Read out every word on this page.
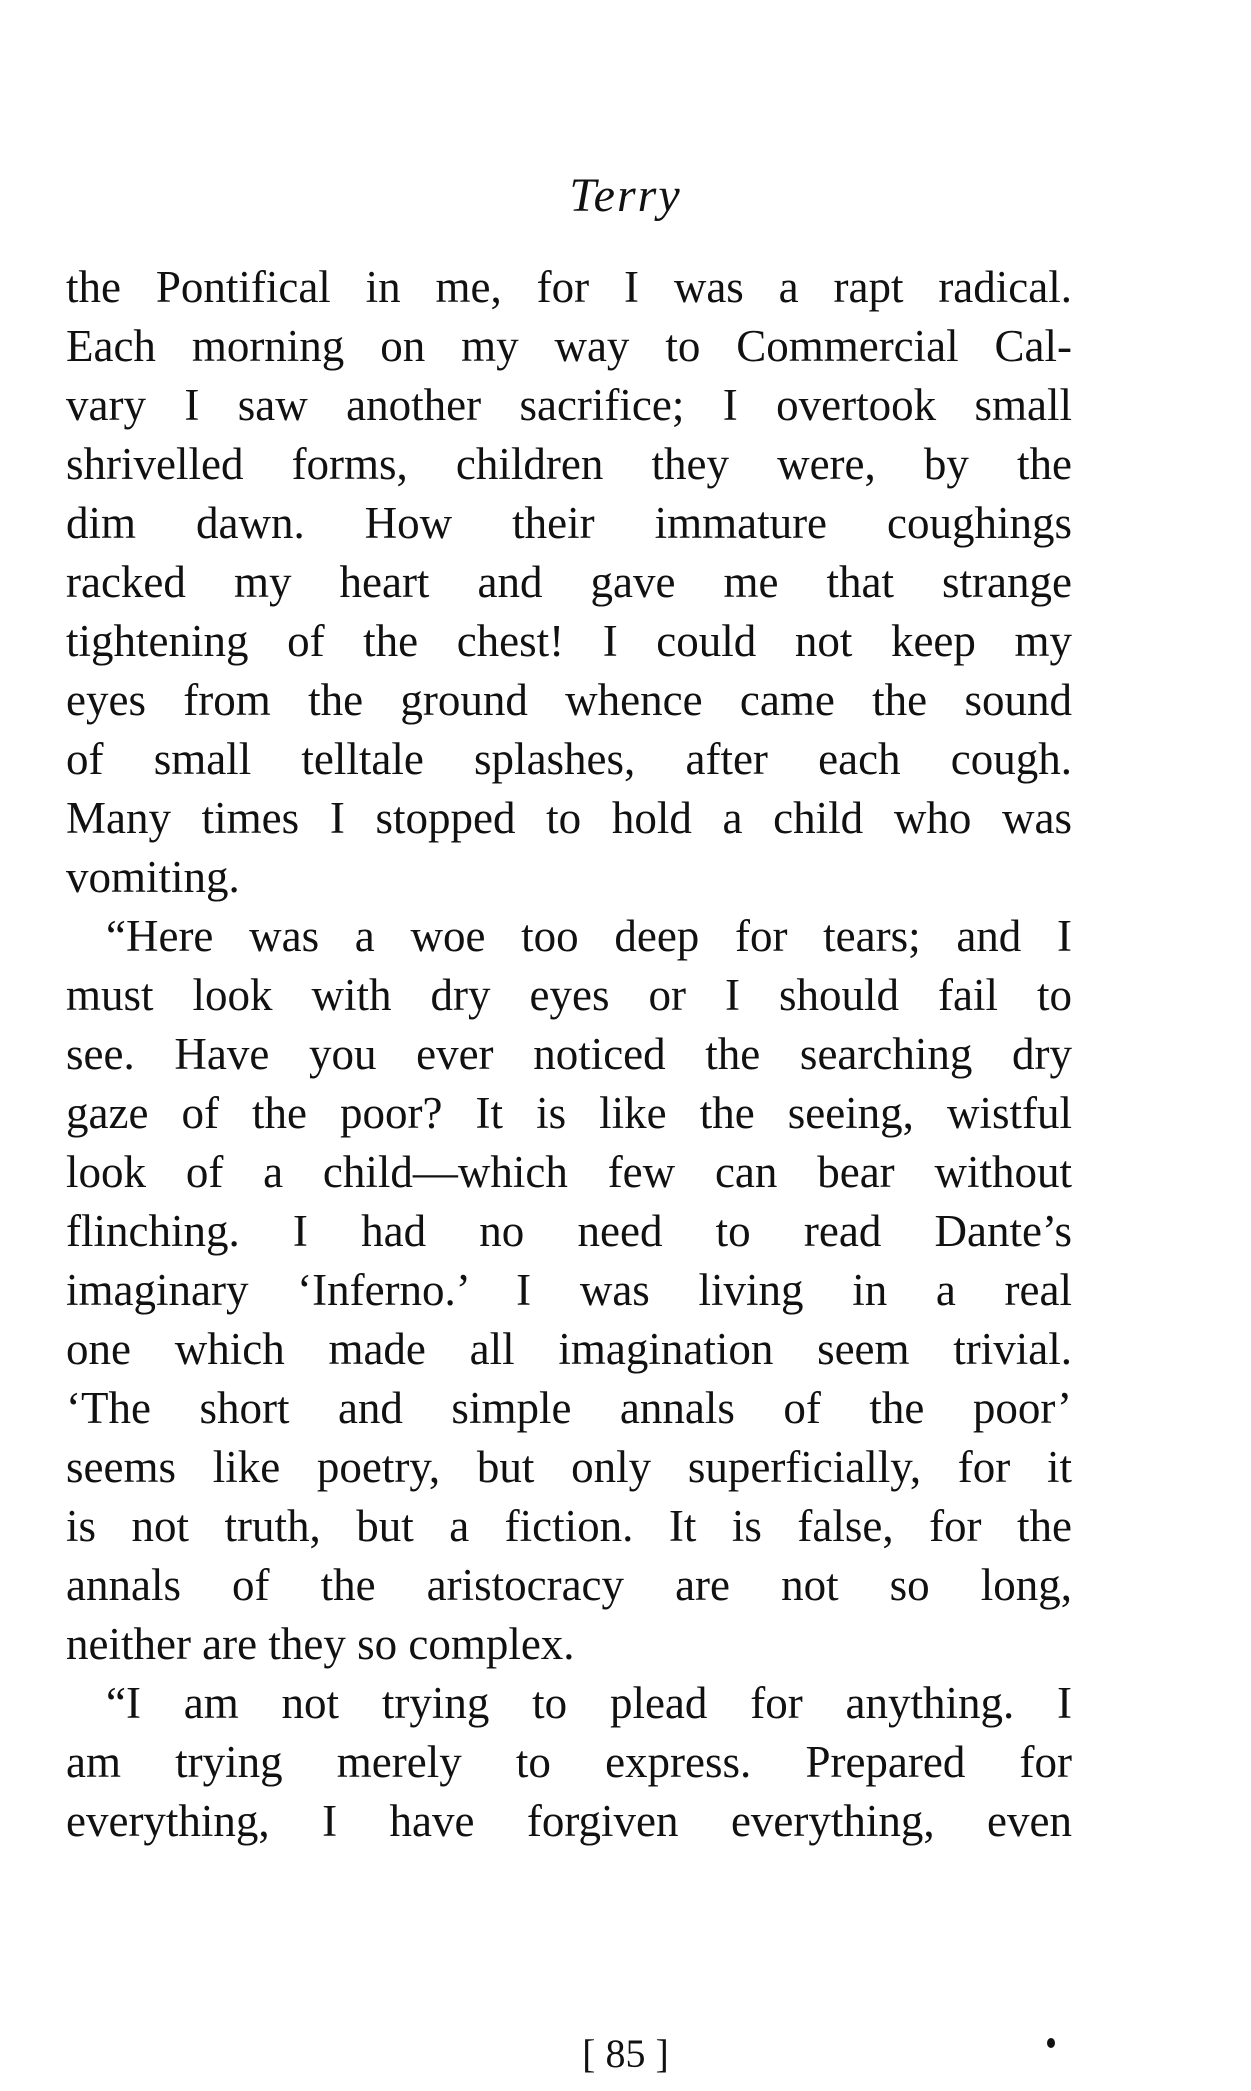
Terry
the Pontifical in me, for I was a rapt radical.
Each morning on my way to Commercial Cal-
vary I saw another sacrifice; I overtook small
shrivelled forms, children they were, by the
dim dawn. How their immature coughings
racked my heart and gave me that strange
tightening of the chest! I could not keep my
eyes from the ground whence came the sound
of small telltale splashes, after each cough.
Many times I stopped to hold a child who was
vomiting.
“Here was a woe too deep for tears; and I
must look with dry eyes or I should fail to
see. Have you ever noticed the searching dry
gaze of the poor? It is like the seeing, wistful
look of a child—which few can bear without
flinching. I had no need to read Dante’s
imaginary ‘Inferno.’ I was living in a real
one which made all imagination seem trivial.
‘The short and simple annals of the poor’
seems like poetry, but only superficially, for it
is not truth, but a fiction. It is false, for the
annals of the aristocracy are not so long,
neither are they so complex.
“I am not trying to plead for anything. I
am trying merely to express. Prepared for
everything, I have forgiven everything, even
[ 85 ]
